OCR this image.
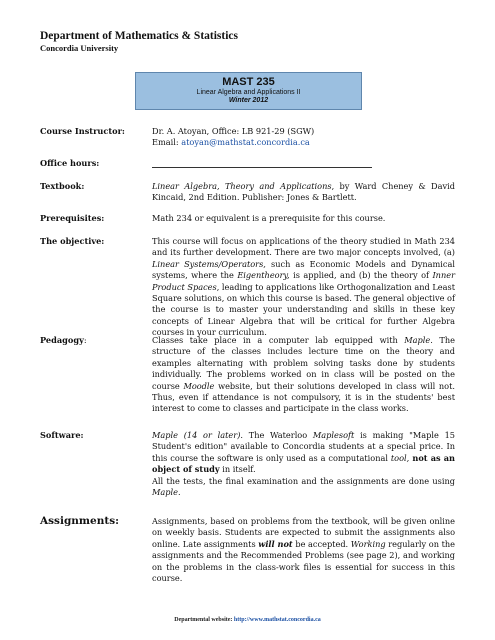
Department of Mathematics & Statistics
Concordia University
MAST 235
Linear Algebra and Applications II
Winter 2012
Course Instructor:	Dr. A. Atoyan, Office: LB 921-29 (SGW)

Email: atoyan@mathstat.concordia.ca

Office hours:
Textbook:	Linear Algebra, Theory and Applications, by Ward Cheney & David Kincaid, 2nd Edition. Publisher: Jones & Bartlett.
Prerequisites:	Math 234 or equivalent is a prerequisite for this course.
The objective:	This course will focus on applications of the theory studied in Math 234 and its further development. There are two major concepts involved, (a) Linear Systems/Operators, such as Economic Models and Dynamical systems, where the Eigentheory, is applied, and (b) the theory of Inner Product Spaces, leading to applications like Orthogonalization and Least Square solutions, on which this course is based. The general objective of the course is to master your understanding and skills in these key concepts of Linear Algebra that will be critical for further Algebra courses in your curriculum.
Pedagogy:	Classes take place in a computer lab equipped with Maple. The structure of the classes includes lecture time on the theory and examples alternating with problem solving tasks done by students individually. The problems worked on in class will be posted on the course Moodle website, but their solutions developed in class will not. Thus, even if attendance is not compulsory, it is in the students' best interest to come to classes and participate in the class works.
Software:	Maple (14 or later). The Waterloo Maplesoft is making "Maple 15 Student's edition" available to Concordia students at a special price. In this course the software is only used as a computational tool, not as an object of study in itself.

All the tests, the final examination and the assignments are done using Maple.

Assignments:	Assignments, based on problems from the textbook, will be given online on weekly basis. Students are expected to submit the assignments also online. Late assignments will not be accepted. Working regularly on the assignments and the Recommended Problems (see page 2), and working on the problems in the class-work files is essential for success in this course.
Departmental website: http://www.mathstat.concordia.ca
